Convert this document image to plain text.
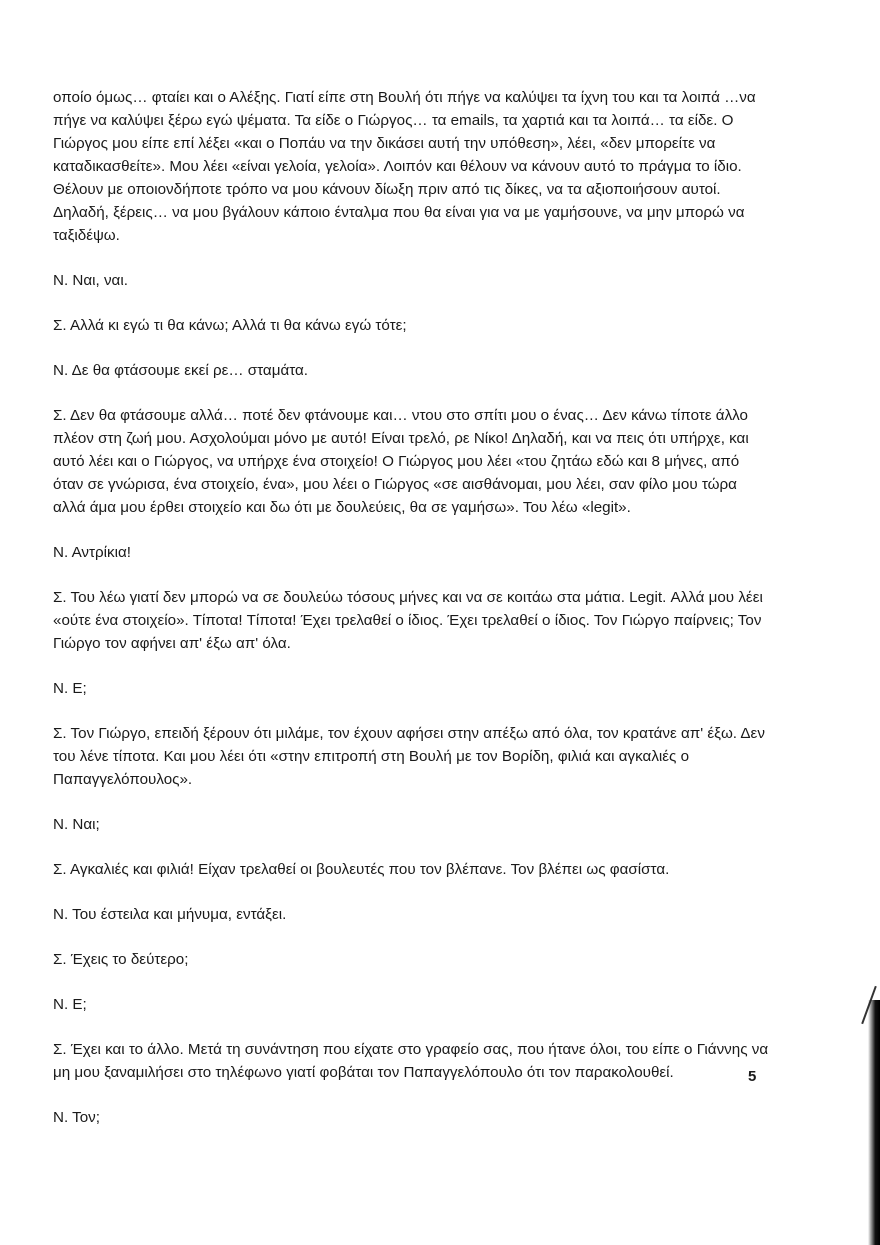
οποίο όμως… φταίει και ο Αλέξης. Γιατί είπε στη Βουλή ότι πήγε να καλύψει τα ίχνη του και τα λοιπά …να πήγε να καλύψει ξέρω εγώ ψέματα. Τα είδε ο Γιώργος… τα emails, τα χαρτιά και τα λοιπά… τα είδε. Ο Γιώργος μου είπε επί λέξει «και ο Ποπάυ να την δικάσει αυτή την υπόθεση», λέει, «δεν μπορείτε να καταδικασθείτε». Μου λέει «είναι γελοία, γελοία». Λοιπόν και θέλουν να κάνουν αυτό το πράγμα το ίδιο. Θέλουν με οποιονδήποτε τρόπο να μου κάνουν δίωξη πριν από τις δίκες, να τα αξιοποιήσουν αυτοί. Δηλαδή, ξέρεις… να μου βγάλουν κάποιο ένταλμα που θα είναι για να με γαμήσουνε, να μην μπορώ να ταξιδέψω.

Ν. Ναι, ναι.

Σ. Αλλά κι εγώ τι θα κάνω; Αλλά τι θα κάνω εγώ τότε;

Ν. Δε θα φτάσουμε εκεί ρε… σταμάτα.

Σ. Δεν θα φτάσουμε αλλά… ποτέ δεν φτάνουμε και… ντου στο σπίτι μου ο ένας… Δεν κάνω τίποτε άλλο πλέον στη ζωή μου. Ασχολούμαι μόνο με αυτό! Είναι τρελό, ρε Νίκο! Δηλαδή, και να πεις ότι υπήρχε, και αυτό λέει και ο Γιώργος, να υπήρχε ένα στοιχείο! Ο Γιώργος μου λέει «του ζητάω εδώ και 8 μήνες, από όταν σε γνώρισα, ένα στοιχείο, ένα», μου λέει ο Γιώργος «σε αισθάνομαι, μου λέει, σαν φίλο μου τώρα αλλά άμα μου έρθει στοιχείο και δω ότι με δουλεύεις, θα σε γαμήσω». Του λέω «legit».

Ν. Αντρίκια!

Σ. Του λέω γιατί δεν μπορώ να σε δουλεύω τόσους μήνες και να σε κοιτάω στα μάτια. Legit. Αλλά μου λέει «ούτε ένα στοιχείο». Τίποτα! Τίποτα! Έχει τρελαθεί ο ίδιος. Έχει τρελαθεί ο ίδιος. Τον Γιώργο παίρνεις; Τον Γιώργο τον αφήνει απ' έξω απ' όλα.

Ν. Ε;

Σ. Τον Γιώργο, επειδή ξέρουν ότι μιλάμε, τον έχουν αφήσει στην απέξω από όλα, τον κρατάνε απ' έξω. Δεν του λένε τίποτα. Και μου λέει ότι «στην επιτροπή στη Βουλή με τον Βορίδη, φιλιά και αγκαλιές ο Παπαγγελόπουλος».

Ν. Ναι;

Σ. Αγκαλιές και φιλιά! Είχαν τρελαθεί οι βουλευτές που τον βλέπανε. Τον βλέπει ως φασίστα.

Ν. Του έστειλα και μήνυμα, εντάξει.

Σ. Έχεις το δεύτερο;

Ν. Ε;

Σ. Έχει και το άλλο. Μετά τη συνάντηση που είχατε στο γραφείο σας, που ήτανε όλοι, του είπε ο Γιάννης να μη μου ξαναμιλήσει στο τηλέφωνο γιατί φοβάται τον Παπαγγελόπουλο ότι τον παρακολουθεί.

Ν. Τον;

5
